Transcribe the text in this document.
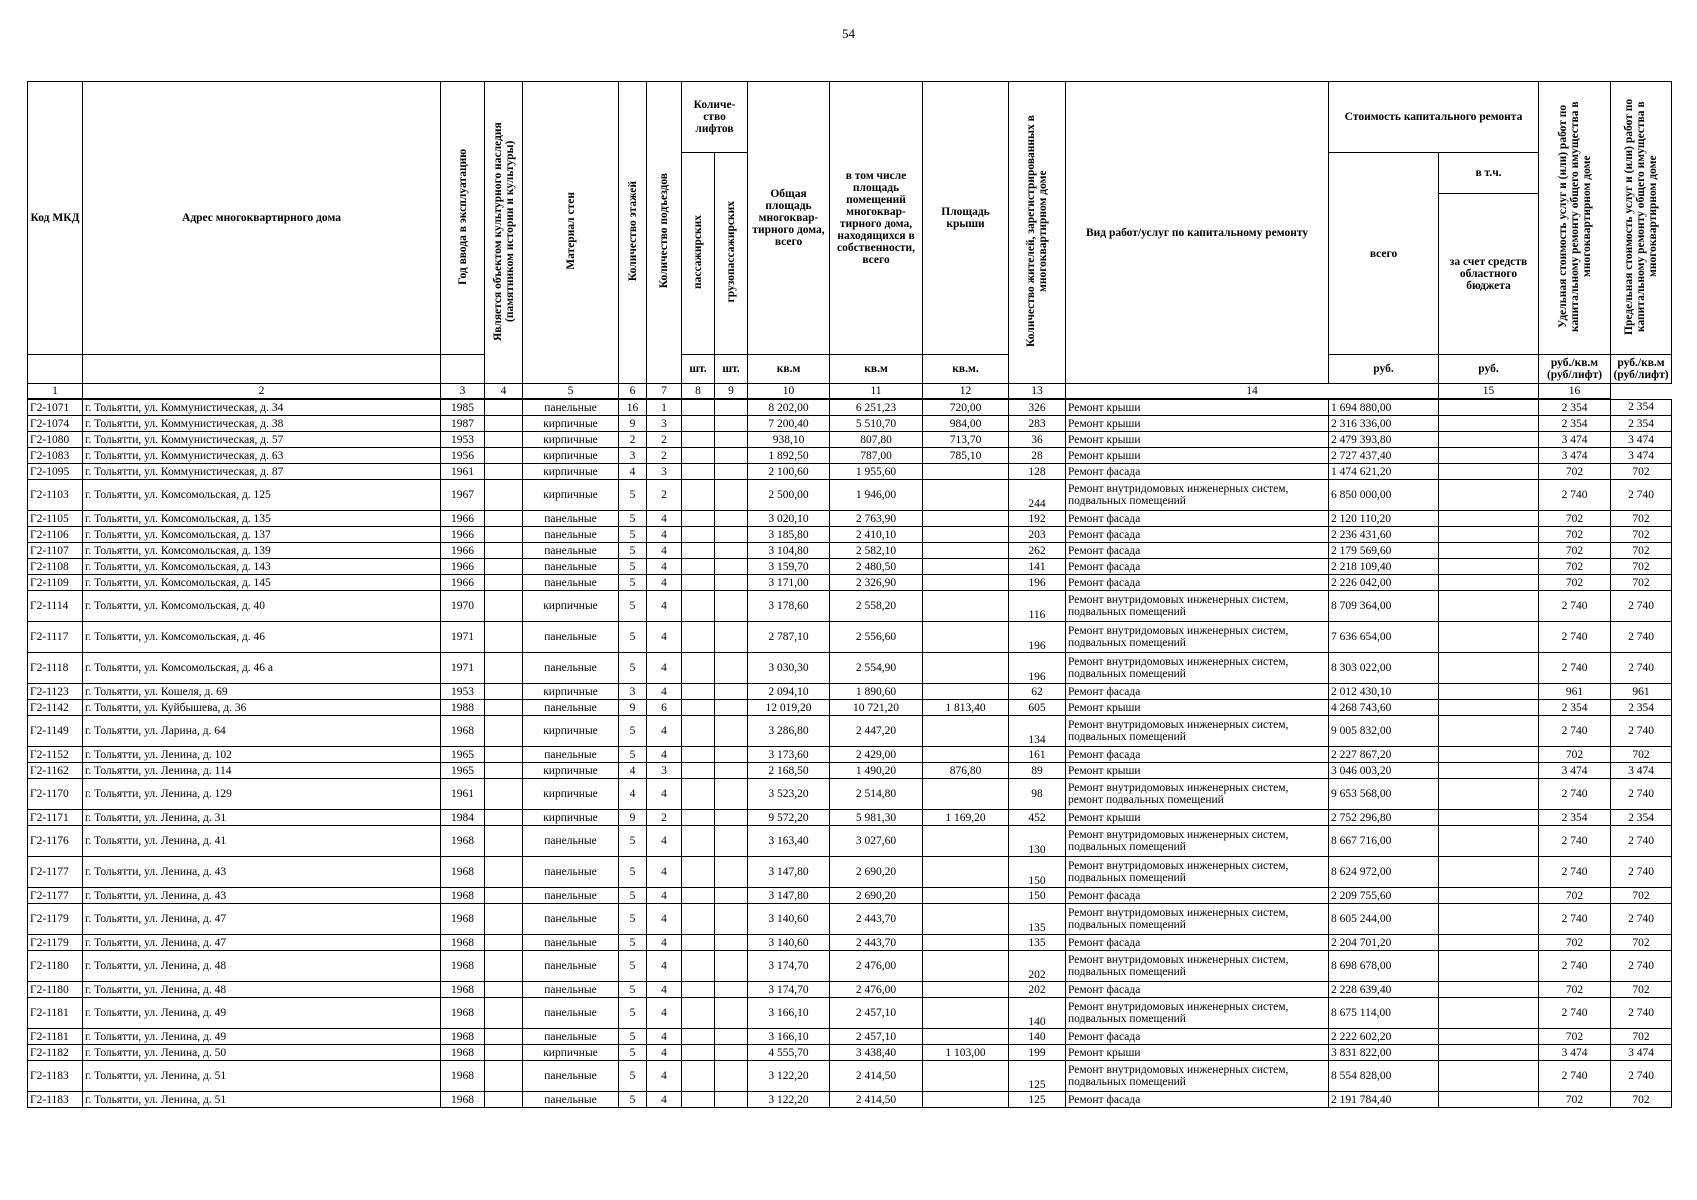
54
Код МКД	Адрес многоквартирного дома	Год ввода в эксплуатацию	Является объектом культурного наследия (памятником истории и культуры)	Материал стен	Количество этажей	Количество подъездов	Количе-ство лифтов		Общая площадь многоквар-тирного дома, всего	в том числе площадь помещений многоквар-тирного дома, находящихся в собственности, всего	Площадь крыши	Количество жителей, зарегистрированных в многоквартирном доме	Вид работ/услуг по капитальному ремонту	Стоимость капитального ремонта		Удельная стоимость услуг и (или) работ по капитальному ремонту общего имущества в многоквартирном доме	Предельная стоимость услуг и (или) работ по капитальному ремонту общего имущества в многоквартирном доме
							пассажирских	грузопассажирских						всего	в т.ч.		
															за счет средств областного бюджета		
							шт.	шт.	кв.м	кв.м	кв.м.			руб.	руб.	руб./кв.м (руб/лифт)	руб./кв.м (руб/лифт)
1	2	3	4	5	6	7	8	9	10	11	12	13	14		15	16	
Г2-1071	г. Тольятти, ул. Коммунистическая, д. 34	1985		панельные	16	1			8 202,00	6 251,23	720,00	326	Ремонт крыши	1 694 880,00		2 354	2 354
Г2-1074	г. Тольятти, ул. Коммунистическая, д. 38	1987		кирпичные	9	3			7 200,40	5 510,70	984,00	283	Ремонт крыши	2 316 336,00		2 354	2 354
Г2-1080	г. Тольятти, ул. Коммунистическая, д. 57	1953		кирпичные	2	2			938,10	807,80	713,70	36	Ремонт крыши	2 479 393,80		3 474	3 474
Г2-1083	г. Тольятти, ул. Коммунистическая, д. 63	1956		кирпичные	3	2			1 892,50	787,00	785,10	28	Ремонт крыши	2 727 437,40		3 474	3 474
Г2-1095	г. Тольятти, ул. Коммунистическая, д. 87	1961		кирпичные	4	3			2 100,60	1 955,60		128	Ремонт фасада	1 474 621,20		702	702
Г2-1103	г. Тольятти, ул. Комсомольская, д. 125	1967		кирпичные	5	2			2 500,00	1 946,00		244	Ремонт внутридомовых инженерных систем, подвальных помещений	6 850 000,00		2 740	2 740
Г2-1105	г. Тольятти, ул. Комсомольская, д. 135	1966		панельные	5	4			3 020,10	2 763,90		192	Ремонт фасада	2 120 110,20		702	702
Г2-1106	г. Тольятти, ул. Комсомольская, д. 137	1966		панельные	5	4			3 185,80	2 410,10		203	Ремонт фасада	2 236 431,60		702	702
Г2-1107	г. Тольятти, ул. Комсомольская, д. 139	1966		панельные	5	4			3 104,80	2 582,10		262	Ремонт фасада	2 179 569,60		702	702
Г2-1108	г. Тольятти, ул. Комсомольская, д. 143	1966		панельные	5	4			3 159,70	2 480,50		141	Ремонт фасада	2 218 109,40		702	702
Г2-1109	г. Тольятти, ул. Комсомольская, д. 145	1966		панельные	5	4			3 171,00	2 326,90		196	Ремонт фасада	2 226 042,00		702	702
Г2-1114	г. Тольятти, ул. Комсомольская, д. 40	1970		кирпичные	5	4			3 178,60	2 558,20		116	Ремонт внутридомовых инженерных систем, подвальных помещений	8 709 364,00		2 740	2 740
Г2-1117	г. Тольятти, ул. Комсомольская, д. 46	1971		панельные	5	4			2 787,10	2 556,60		196	Ремонт внутридомовых инженерных систем, подвальных помещений	7 636 654,00		2 740	2 740
Г2-1118	г. Тольятти, ул. Комсомольская, д. 46 а	1971		панельные	5	4			3 030,30	2 554,90		196	Ремонт внутридомовых инженерных систем, подвальных помещений	8 303 022,00		2 740	2 740
Г2-1123	г. Тольятти, ул. Кошеля, д. 69	1953		кирпичные	3	4			2 094,10	1 890,60		62	Ремонт фасада	2 012 430,10		961	961
Г2-1142	г. Тольятти, ул. Куйбышева, д. 36	1988		панельные	9	6			12 019,20	10 721,20	1 813,40	605	Ремонт крыши	4 268 743,60		2 354	2 354
Г2-1149	г. Тольятти, ул. Ларина, д. 64	1968		кирпичные	5	4			3 286,80	2 447,20		134	Ремонт внутридомовых инженерных систем, подвальных помещений	9 005 832,00		2 740	2 740
Г2-1152	г. Тольятти, ул. Ленина, д. 102	1965		панельные	5	4			3 173,60	2 429,00		161	Ремонт фасада	2 227 867,20		702	702
Г2-1162	г. Тольятти, ул. Ленина, д. 114	1965		кирпичные	4	3			2 168,50	1 490,20	876,80	89	Ремонт крыши	3 046 003,20		3 474	3 474
Г2-1170	г. Тольятти, ул. Ленина, д. 129	1961		кирпичные	4	4			3 523,20	2 514,80		98	Ремонт внутридомовых инженерных систем, ремонт подвальных помещений	9 653 568,00		2 740	2 740
Г2-1171	г. Тольятти, ул. Ленина, д. 31	1984		кирпичные	9	2			9 572,20	5 981,30	1 169,20	452	Ремонт крыши	2 752 296,80		2 354	2 354
Г2-1176	г. Тольятти, ул. Ленина, д. 41	1968		панельные	5	4			3 163,40	3 027,60		130	Ремонт внутридомовых инженерных систем, подвальных помещений	8 667 716,00		2 740	2 740
Г2-1177	г. Тольятти, ул. Ленина, д. 43	1968		панельные	5	4			3 147,80	2 690,20		150	Ремонт внутридомовых инженерных систем, подвальных помещений	8 624 972,00		2 740	2 740
Г2-1177	г. Тольятти, ул. Ленина, д. 43	1968		панельные	5	4			3 147,80	2 690,20		150	Ремонт фасада	2 209 755,60		702	702
Г2-1179	г. Тольятти, ул. Ленина, д. 47	1968		панельные	5	4			3 140,60	2 443,70		135	Ремонт внутридомовых инженерных систем, подвальных помещений	8 605 244,00		2 740	2 740
Г2-1179	г. Тольятти, ул. Ленина, д. 47	1968		панельные	5	4			3 140,60	2 443,70		135	Ремонт фасада	2 204 701,20		702	702
Г2-1180	г. Тольятти, ул. Ленина, д. 48	1968		панельные	5	4			3 174,70	2 476,00		202	Ремонт внутридомовых инженерных систем, подвальных помещений	8 698 678,00		2 740	2 740
Г2-1180	г. Тольятти, ул. Ленина, д. 48	1968		панельные	5	4			3 174,70	2 476,00		202	Ремонт фасада	2 228 639,40		702	702
Г2-1181	г. Тольятти, ул. Ленина, д. 49	1968		панельные	5	4			3 166,10	2 457,10		140	Ремонт внутридомовых инженерных систем, подвальных помещений	8 675 114,00		2 740	2 740
Г2-1181	г. Тольятти, ул. Ленина, д. 49	1968		панельные	5	4			3 166,10	2 457,10		140	Ремонт фасада	2 222 602,20		702	702
Г2-1182	г. Тольятти, ул. Ленина, д. 50	1968		кирпичные	5	4			4 555,70	3 438,40	1 103,00	199	Ремонт крыши	3 831 822,00		3 474	3 474
Г2-1183	г. Тольятти, ул. Ленина, д. 51	1968		панельные	5	4			3 122,20	2 414,50		125	Ремонт внутридомовых инженерных систем, подвальных помещений	8 554 828,00		2 740	2 740
Г2-1183	г. Тольятти, ул. Ленина, д. 51	1968		панельные	5	4			3 122,20	2 414,50		125	Ремонт фасада	2 191 784,40		702	702
